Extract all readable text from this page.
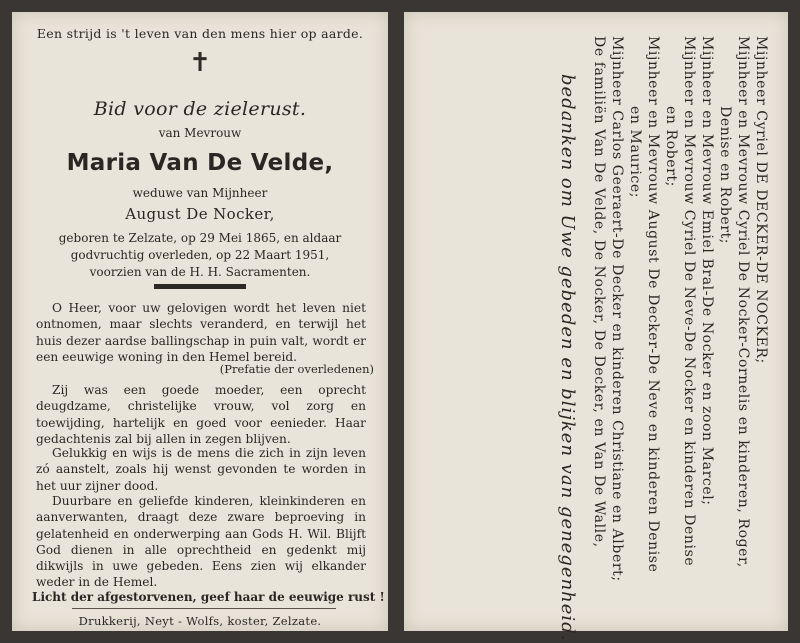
Een strijd is 't leven van den mens hier op aarde.
✝
Bid voor de zielerust.
van Mevrouw
Maria Van De Velde,
weduwe van Mijnheer
August De Nocker,
geboren te Zelzate, op 29 Mei 1865, en aldaar
godvruchtig overleden, op 22 Maart 1951,
voorzien van de H. H. Sacramenten.
O Heer, voor uw gelovigen wordt het leven niet ontnomen, maar slechts veranderd, en terwijl het huis dezer aardse ballingschap in puin valt, wordt er een eeuwige woning in den Hemel bereid.
(Prefatie der overledenen)
Zij was een goede moeder, een oprecht deugdzame, christelijke vrouw, vol zorg en toewijding, hartelijk en goed voor eenieder. Haar gedachtenis zal bij allen in zegen blijven.
Gelukkig en wijs is de mens die zich in zijn leven zó aanstelt, zoals hij wenst gevonden te worden in het uur zijner dood.
Duurbare en geliefde kinderen, kleinkinderen en aanverwanten, draagt deze zware beproeving in gelatenheid en onderwerping aan Gods H. Wil. Blijft God dienen in alle oprechtheid en gedenkt mij dikwijls in uwe gebeden. Eens zien wij elkander weder in de Hemel.
Licht der afgestorvenen, geef haar de eeuwige rust !
Drukkerij, Neyt - Wolfs, koster, Zelzate.
Mijnheer Cyriel DE DECKER-DE NOCKER;
Mijnheer en Mevrouw Cyriel De Nocker-Cornelis en kinderen, Roger,
Denise en Robert;
Mijnheer en Mevrouw Emiel Bral-De Nocker en zoon Marcel;
Mijnheer en Mevrouw Cyriel De Neve-De Nocker en kinderen Denise
en Robert;
Mijnheer en Mevrouw August De Decker-De Neve en kinderen Denise
en Maurice;
Mijnheer Carlos Geeraert-De Decker en kinderen Christiane en Albert;
De familiën Van De Velde, De Nocker, De Decker, en Van De Walle,
bedanken om Uwe gebeden en blijken van genegenheid.
